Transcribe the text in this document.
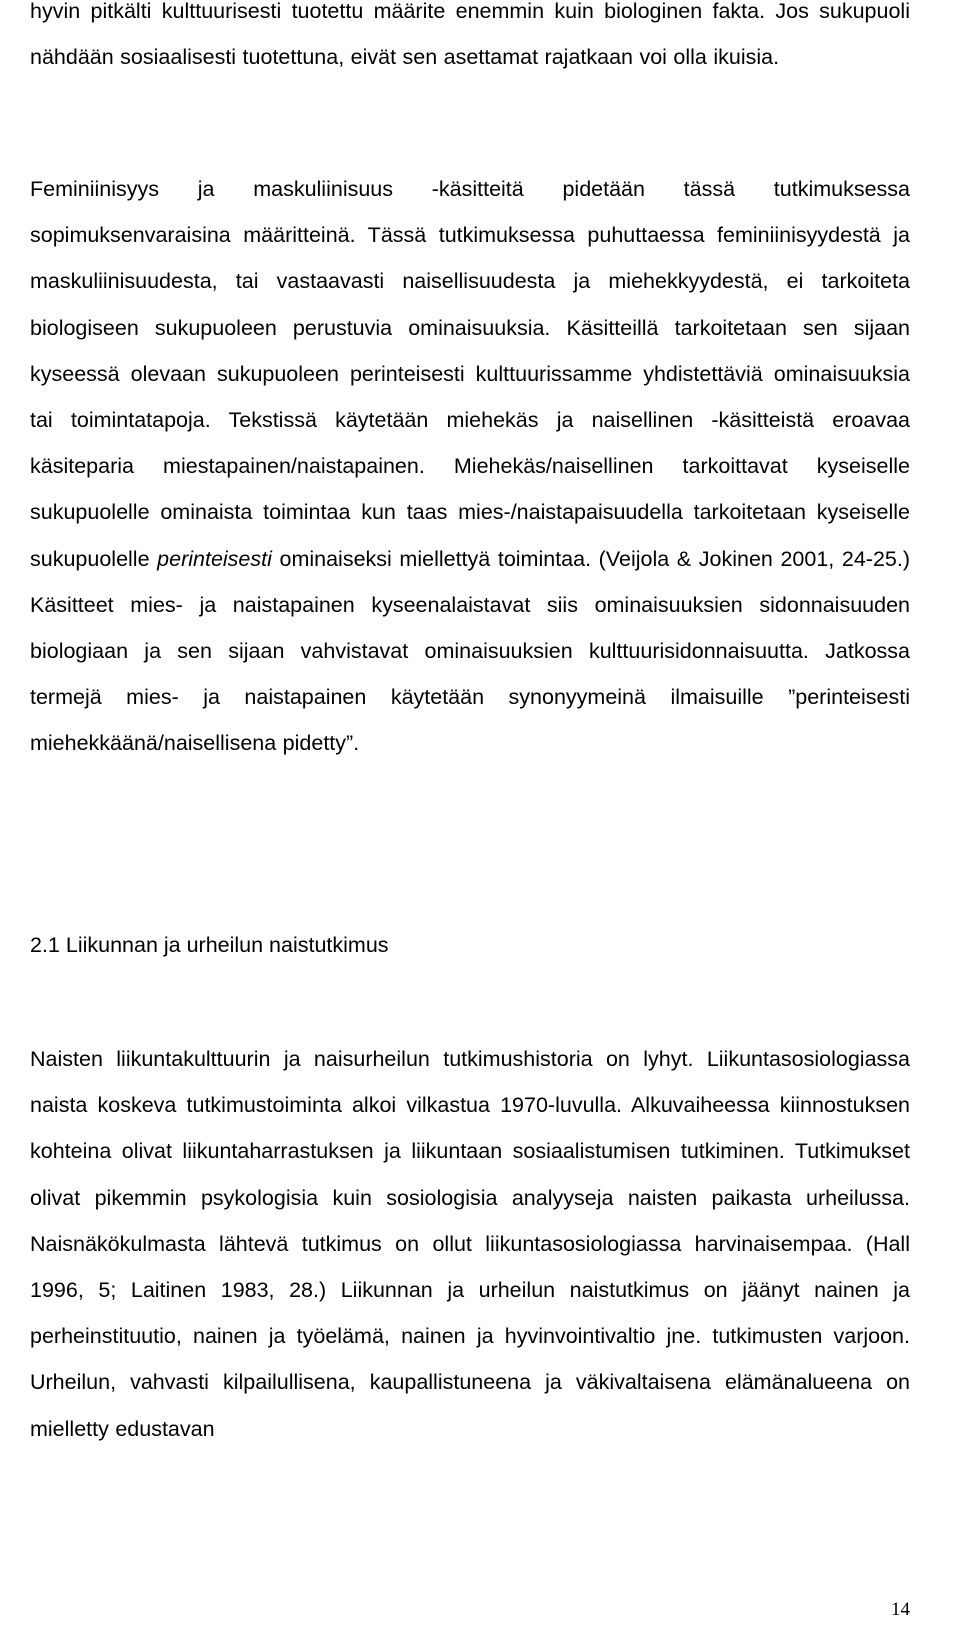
hyvin pitkälti kulttuurisesti tuotettu määrite enemmin kuin biologinen fakta. Jos sukupuoli nähdään sosiaalisesti tuotettuna, eivät sen asettamat rajatkaan voi olla ikuisia.

Feminiinisyys ja maskuliinisuus -käsitteitä pidetään tässä tutkimuksessa sopimuksenvaraisina määritteinä. Tässä tutkimuksessa puhuttaessa feminiinisyydestä ja maskuliinisuudesta, tai vastaavasti naisellisuudesta ja miehekkyydestä, ei tarkoiteta biologiseen sukupuoleen perustuvia ominaisuuksia. Käsitteillä tarkoitetaan sen sijaan kyseessä olevaan sukupuoleen perinteisesti kulttuurissamme yhdistettäviä ominaisuuksia tai toimintatapoja. Tekstissä käytetään miehekäs ja naisellinen -käsitteistä eroavaa käsiteparia miestapainen/naistapainen. Miehekäs/naisellinen tarkoittavat kyseiselle sukupuolelle ominaista toimintaa kun taas mies-/naistapaisuudella tarkoitetaan kyseiselle sukupuolelle perinteisesti ominaiseksi miellettyä toimintaa. (Veijola & Jokinen 2001, 24-25.) Käsitteet mies- ja naistapainen kyseenalaistavat siis ominaisuuksien sidonnaisuuden biologiaan ja sen sijaan vahvistavat ominaisuuksien kulttuurisidonnaisuutta. Jatkossa termejä mies- ja naistapainen käytetään synonyymeinä ilmaisuille ”perinteisesti miehekkäänä/naisellisena pidetty”.

2.1 Liikunnan ja urheilun naistutkimus

Naisten liikuntakulttuurin ja naisurheilun tutkimushistoria on lyhyt. Liikuntasosiologiassa naista koskeva tutkimustoiminta alkoi vilkastua 1970-luvulla. Alkuvaiheessa kiinnostuksen kohteina olivat liikuntaharrastuksen ja liikuntaan sosiaalistumisen tutkiminen. Tutkimukset olivat pikemmin psykologisia kuin sosiologisia analyyseja naisten paikasta urheilussa. Naisnäkökulmasta lähtevä tutkimus on ollut liikuntasosiologiassa harvinaisempaa. (Hall 1996, 5; Laitinen 1983, 28.) Liikunnan ja urheilun naistutkimus on jäänyt nainen ja perheinstituutio, nainen ja työelämä, nainen ja hyvinvointivaltio jne. tutkimusten varjoon. Urheilun, vahvasti kilpailullisena, kaupallistuneena ja väkivaltaisena elämänalueena on mielletty edustavan

14
